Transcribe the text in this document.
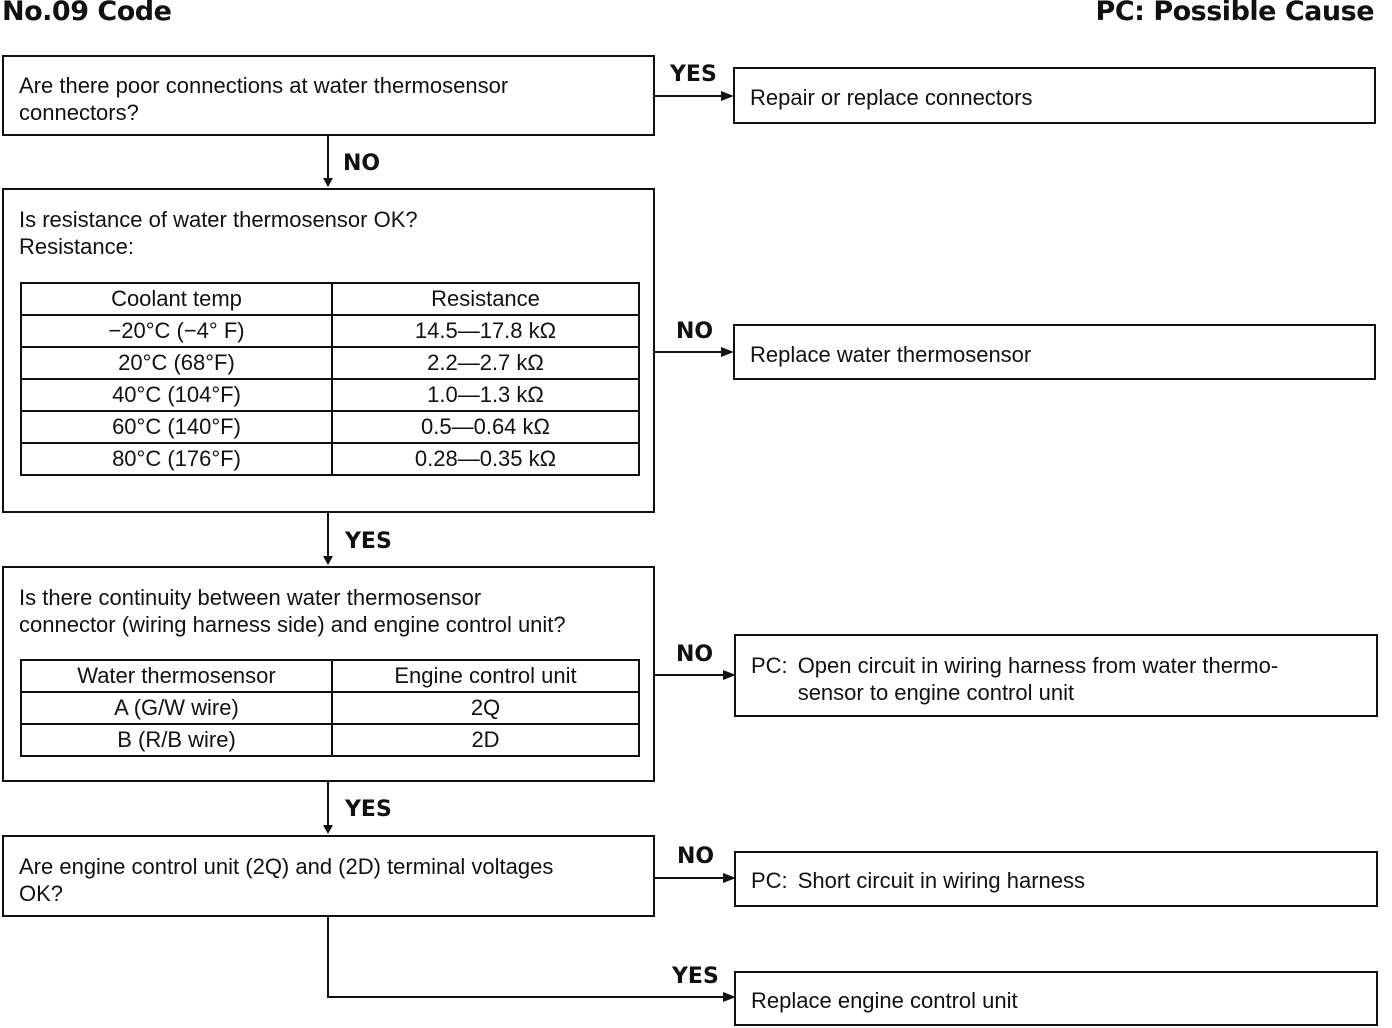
No.09 Code	PC: Possible Cause
Are there poor connections at water thermosensor
connectors?
NO
Is resistance of water thermosensor OK?
Resistance:
Coolant temp	Resistance
−20°C (−4° F)	14.5—17.8 kΩ
20°C (68°F)	2.2—2.7 kΩ
40°C (104°F)	1.0—1.3 kΩ
60°C (140°F)	0.5—0.64 kΩ
80°C (176°F)	0.28—0.35 kΩ
YES
Is there continuity between water thermosensor
connector (wiring harness side) and engine control unit?
Water thermosensor	Engine control unit
A (G/W wire)	2Q
B (R/B wire)	2D
YES
Are engine control unit (2Q) and (2D) terminal voltages
OK?
YES
Repair or replace connectors
NO
Replace water thermosensor
NO PC: Open circuit in wiring harness from water thermo-
sensor to engine control unit
NO
PC: Short circuit in wiring harness
YES
Replace engine control unit
